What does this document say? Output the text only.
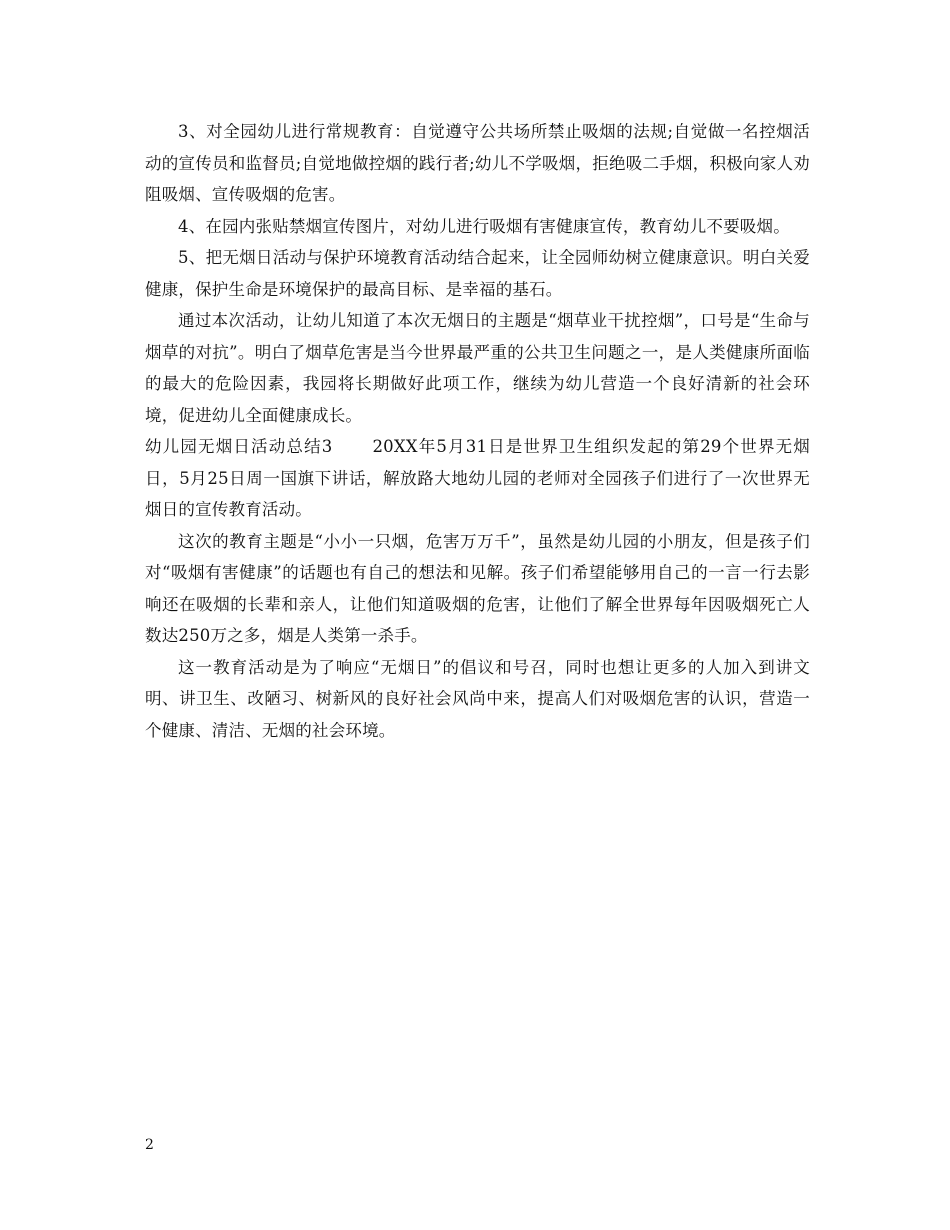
3、对全园幼儿进行常规教育：自觉遵守公共场所禁止吸烟的法规;自觉做一名控烟活动的宣传员和监督员;自觉地做控烟的践行者;幼儿不学吸烟，拒绝吸二手烟，积极向家人劝阻吸烟、宣传吸烟的危害。

4、在园内张贴禁烟宣传图片，对幼儿进行吸烟有害健康宣传，教育幼儿不要吸烟。

5、把无烟日活动与保护环境教育活动结合起来，让全园师幼树立健康意识。明白关爱健康，保护生命是环境保护的最高目标、是幸福的基石。

通过本次活动，让幼儿知道了本次无烟日的主题是“烟草业干扰控烟”，口号是“生命与烟草的对抗”。明白了烟草危害是当今世界最严重的公共卫生问题之一，是人类健康所面临的最大的危险因素，我园将长期做好此项工作，继续为幼儿营造一个良好清新的社会环境，促进幼儿全面健康成长。

幼儿园无烟日活动总结3 20XX年5月31日是世界卫生组织发起的第29个世界无烟日，5月25日周一国旗下讲话，解放路大地幼儿园的老师对全园孩子们进行了一次世界无烟日的宣传教育活动。

这次的教育主题是“小小一只烟，危害万万千”，虽然是幼儿园的小朋友，但是孩子们对“吸烟有害健康”的话题也有自己的想法和见解。孩子们希望能够用自己的一言一行去影响还在吸烟的长辈和亲人，让他们知道吸烟的危害，让他们了解全世界每年因吸烟死亡人数达250万之多，烟是人类第一杀手。

这一教育活动是为了响应“无烟日”的倡议和号召，同时也想让更多的人加入到讲文明、讲卫生、改陋习、树新风的良好社会风尚中来，提高人们对吸烟危害的认识，营造一个健康、清洁、无烟的社会环境。

2
